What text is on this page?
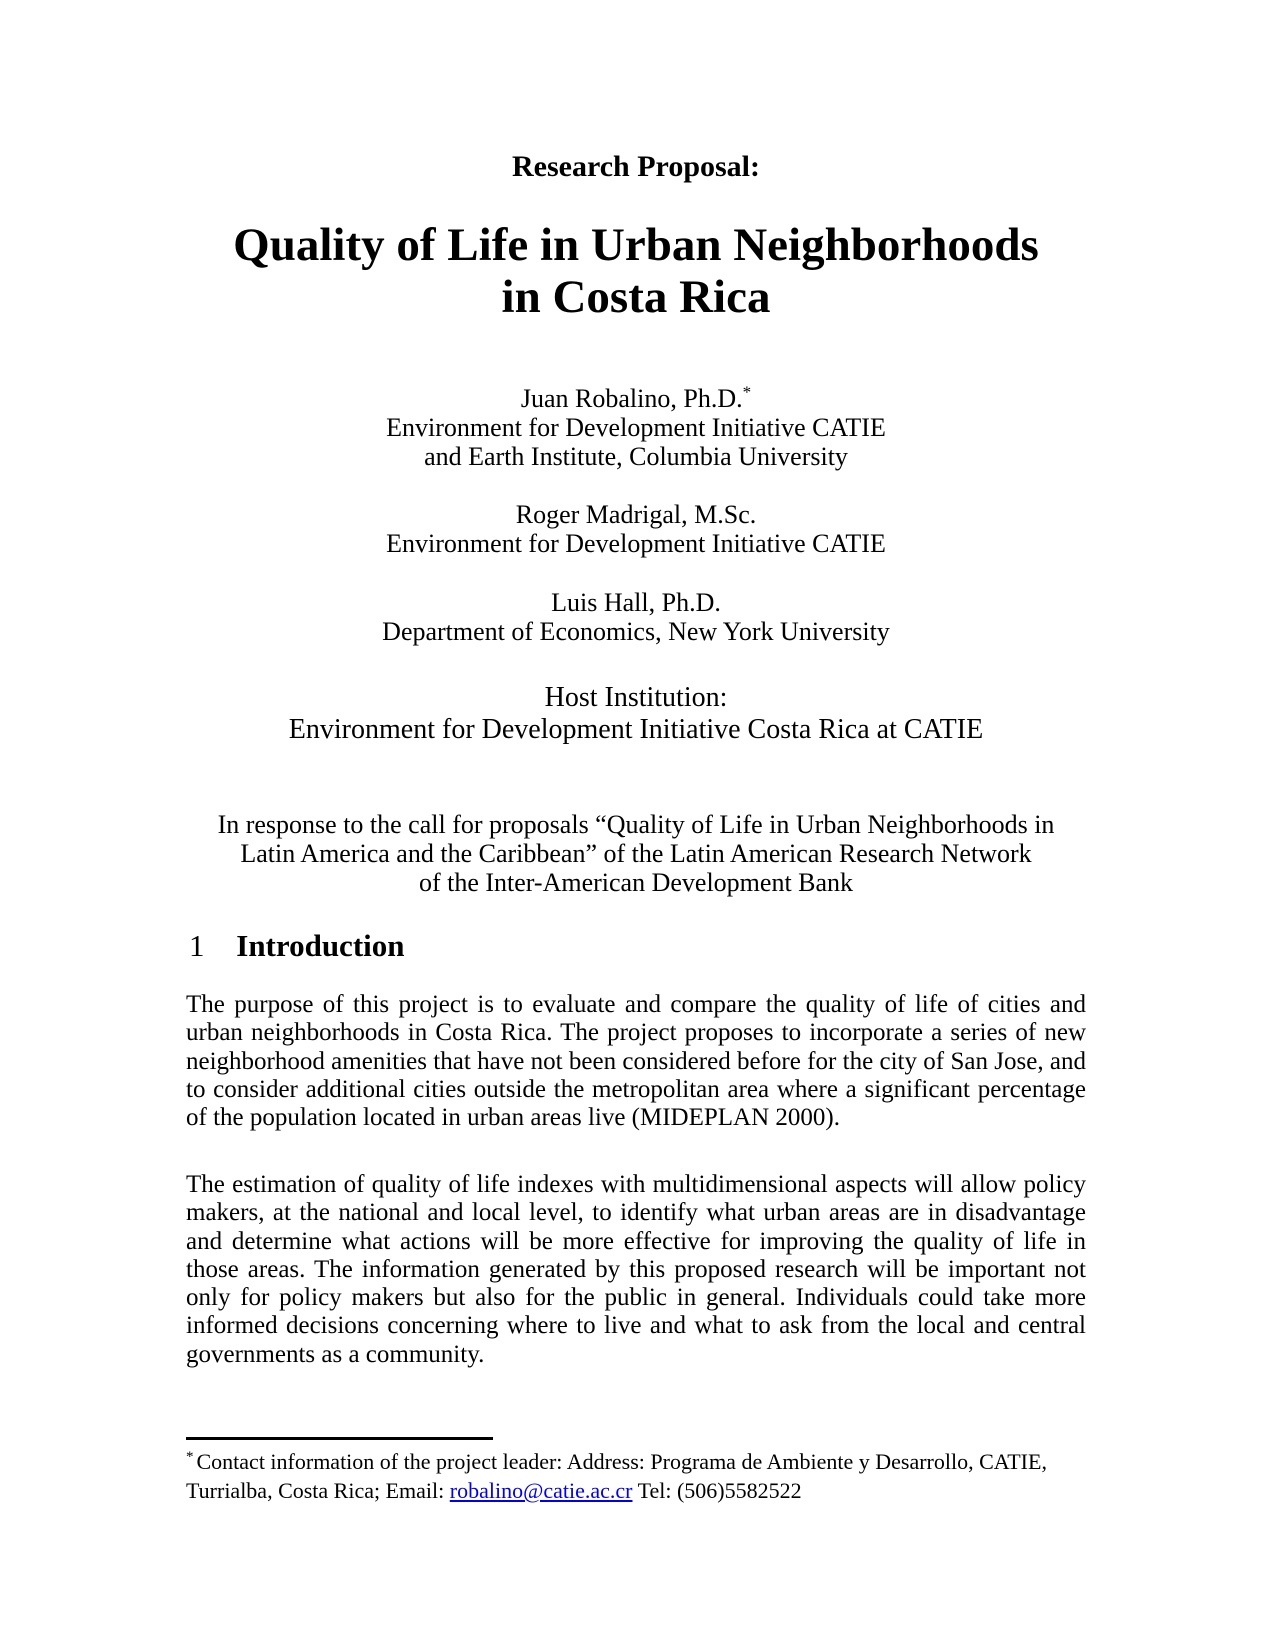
Research Proposal:
Quality of Life in Urban Neighborhoods
in Costa Rica
Juan Robalino, Ph.D.*
Environment for Development Initiative CATIE
and Earth Institute, Columbia University
Roger Madrigal, M.Sc.
Environment for Development Initiative CATIE
Luis Hall, Ph.D.
Department of Economics, New York University
Host Institution:
Environment for Development Initiative Costa Rica at CATIE
In response to the call for proposals “Quality of Life in Urban Neighborhoods in
Latin America and the Caribbean” of the Latin American Research Network
of the Inter-American Development Bank
1 Introduction
The purpose of this project is to evaluate and compare the quality of life of cities and urban neighborhoods in Costa Rica. The project proposes to incorporate a series of new neighborhood amenities that have not been considered before for the city of San Jose, and to consider additional cities outside the metropolitan area where a significant percentage of the population located in urban areas live (MIDEPLAN 2000).
The estimation of quality of life indexes with multidimensional aspects will allow policy makers, at the national and local level, to identify what urban areas are in disadvantage and determine what actions will be more effective for improving the quality of life in those areas. The information generated by this proposed research will be important not only for policy makers but also for the public in general. Individuals could take more informed decisions concerning where to live and what to ask from the local and central governments as a community.
* Contact information of the project leader: Address: Programa de Ambiente y Desarrollo, CATIE, Turrialba, Costa Rica; Email: robalino@catie.ac.cr Tel: (506)5582522
